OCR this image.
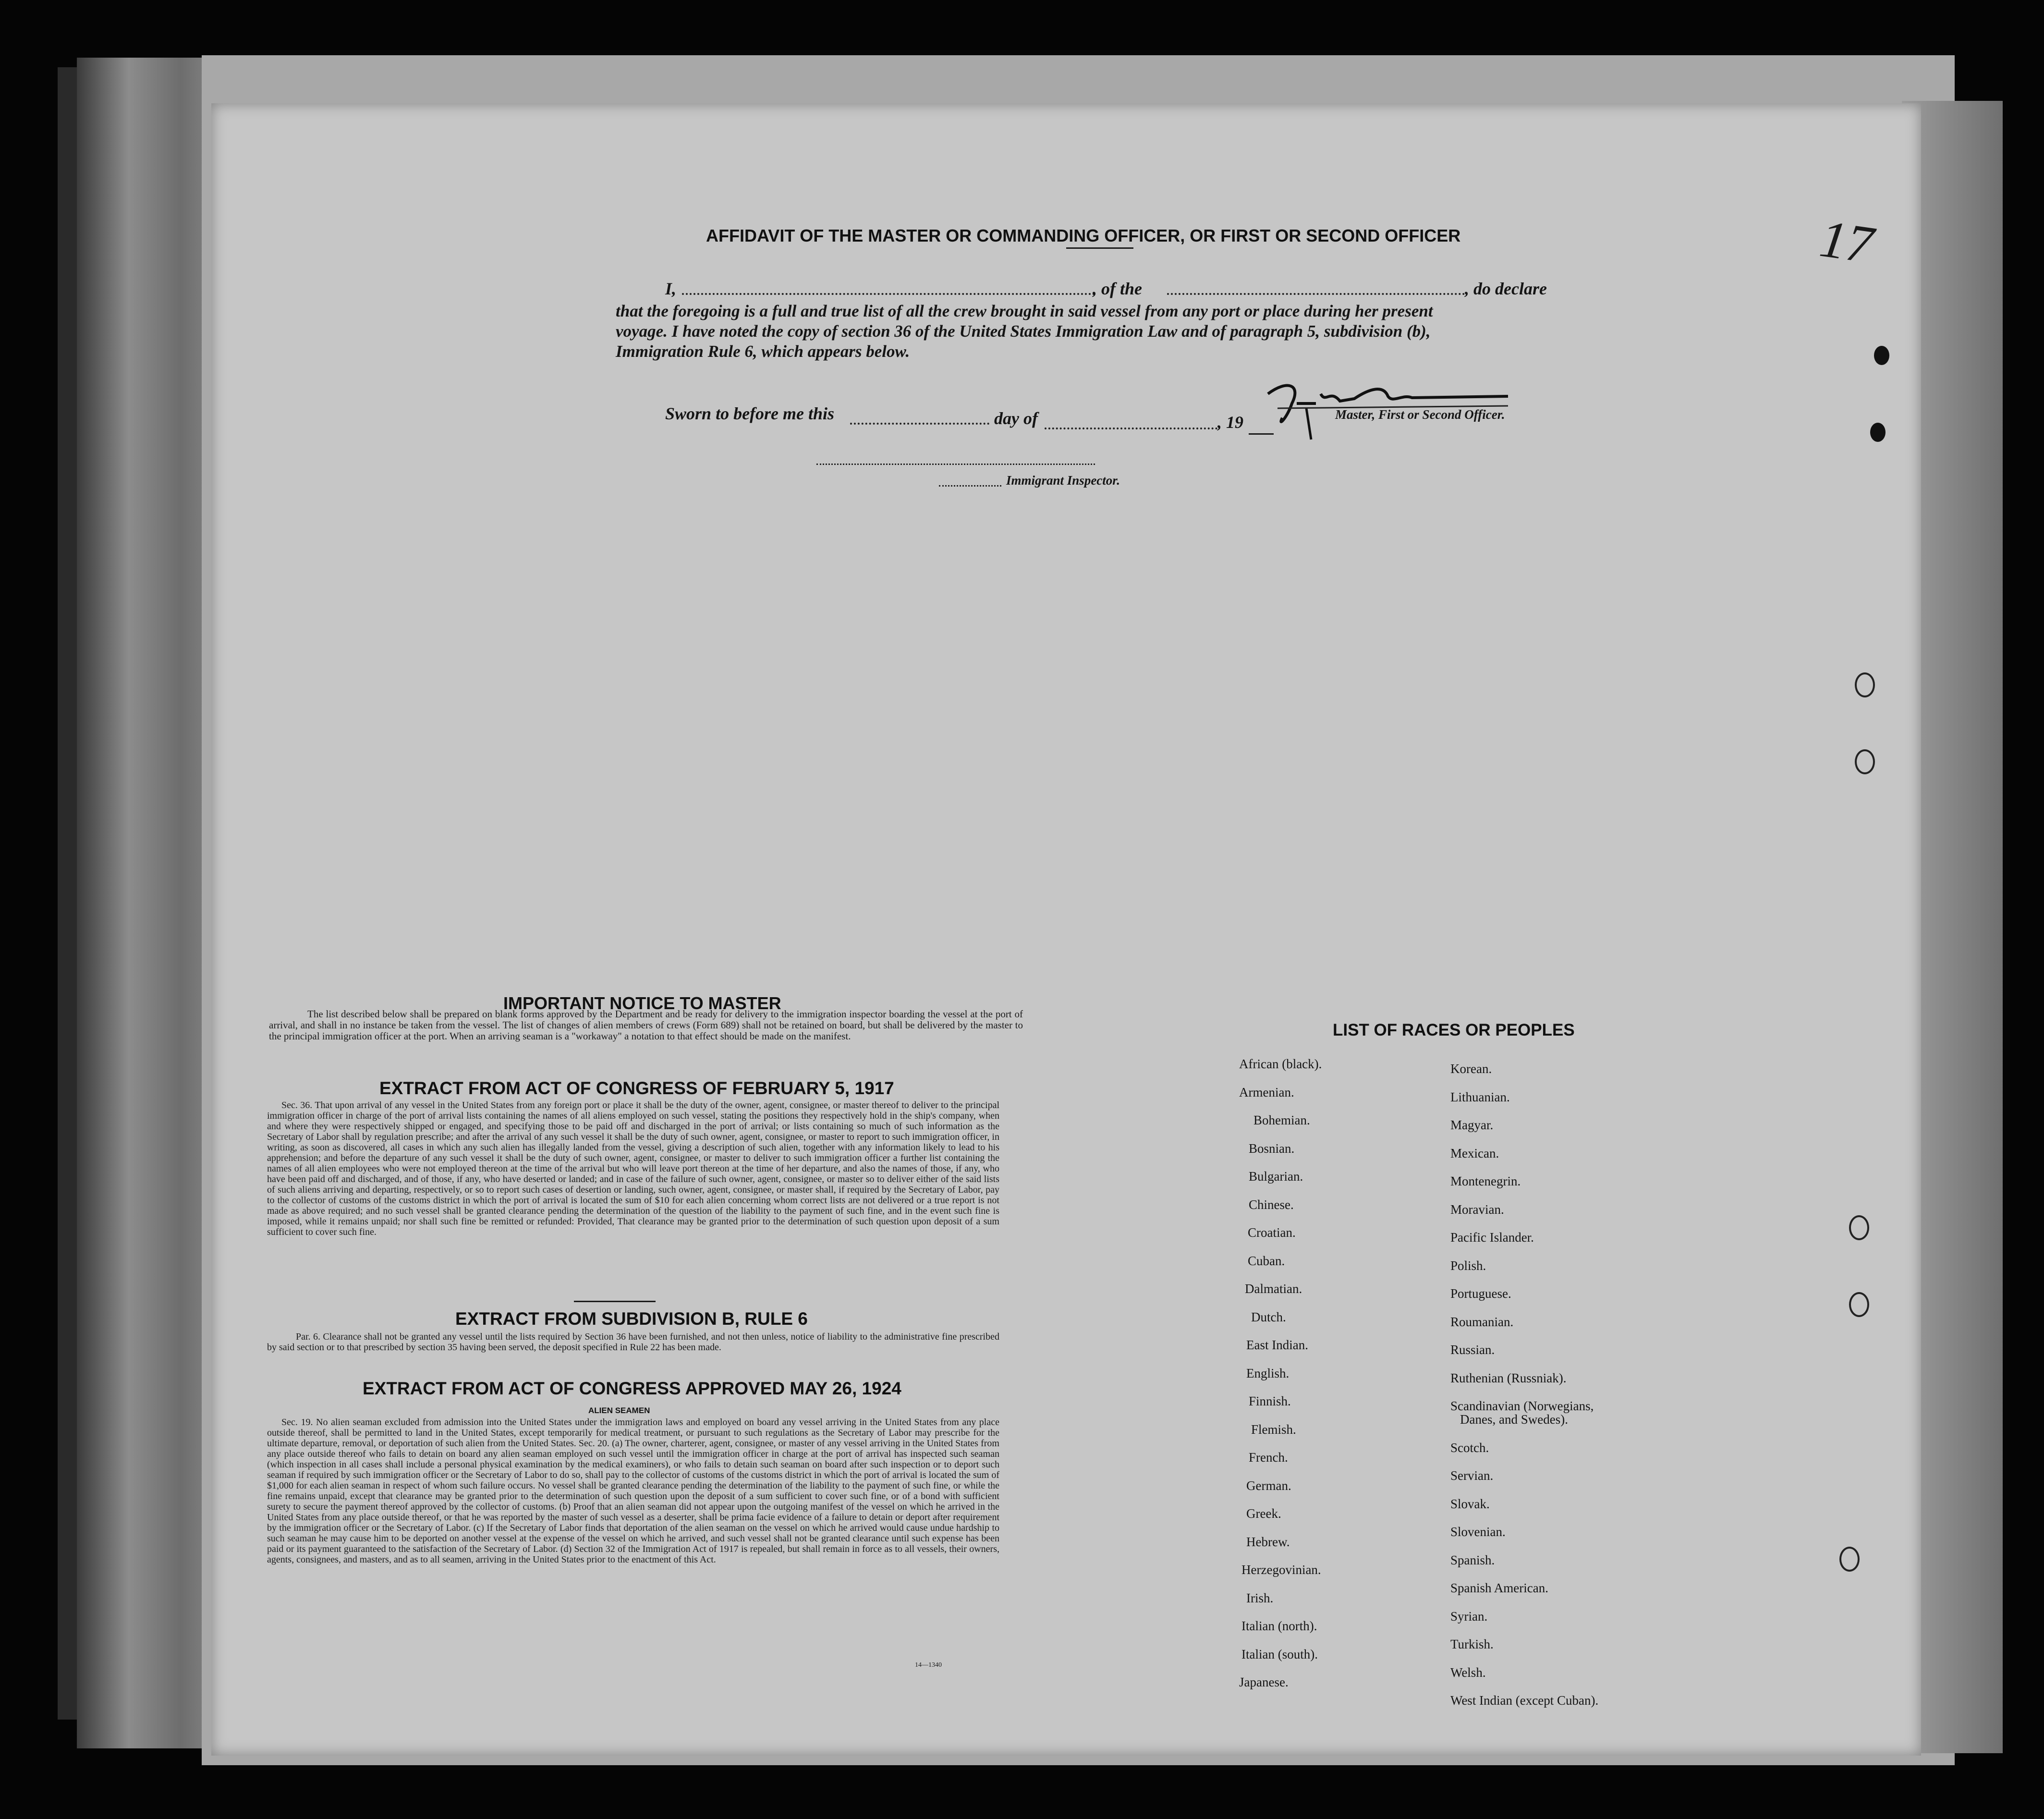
17
AFFIDAVIT OF THE MASTER OR COMMANDING OFFICER, OR FIRST OR SECOND OFFICER
I,	, of the	, do declare
that the foregoing is a full and true list of all the crew brought in said vessel from any port or place during her present
voyage. I have noted the copy of section 36 of the United States Immigration Law and of paragraph 5, subdivision (b),
Immigration Rule 6, which appears below.
Sworn to before me this	day of	, 19	Master, First or Second Officer.
Immigrant Inspector.
IMPORTANT NOTICE TO MASTER
The list described below shall be prepared on blank forms approved by the Department and be ready for delivery to the immigration inspector boarding the vessel at the port of arrival, and shall in no instance be taken from the vessel. The list of changes of alien members of crews (Form 689) shall not be retained on board, but shall be delivered by the master to the principal immigration officer at the port. When an arriving seaman is a "workaway" a notation to that effect should be made on the manifest.
EXTRACT FROM ACT OF CONGRESS OF FEBRUARY 5, 1917
Sec. 36. That upon arrival of any vessel in the United States from any foreign port or place it shall be the duty of the owner, agent, consignee, or master thereof to deliver to the principal immigration officer in charge of the port of arrival lists containing the names of all aliens employed on such vessel, stating the positions they respectively hold in the ship's company, when and where they were respectively shipped or engaged, and specifying those to be paid off and discharged in the port of arrival; or lists containing so much of such information as the Secretary of Labor shall by regulation prescribe; and after the arrival of any such vessel it shall be the duty of such owner, agent, consignee, or master to report to such immigration officer, in writing, as soon as discovered, all cases in which any such alien has illegally landed from the vessel, giving a description of such alien, together with any information likely to lead to his apprehension; and before the departure of any such vessel it shall be the duty of such owner, agent, consignee, or master to deliver to such immigration officer a further list containing the names of all alien employees who were not employed thereon at the time of the arrival but who will leave port thereon at the time of her departure, and also the names of those, if any, who have been paid off and discharged, and of those, if any, who have deserted or landed; and in case of the failure of such owner, agent, consignee, or master so to deliver either of the said lists of such aliens arriving and departing, respectively, or so to report such cases of desertion or landing, such owner, agent, consignee, or master shall, if required by the Secretary of Labor, pay to the collector of customs of the customs district in which the port of arrival is located the sum of $10 for each alien concerning whom correct lists are not delivered or a true report is not made as above required; and no such vessel shall be granted clearance pending the determination of the question of the liability to the payment of such fine, and in the event such fine is imposed, while it remains unpaid; nor shall such fine be remitted or refunded: Provided, That clearance may be granted prior to the determination of such question upon deposit of a sum sufficient to cover such fine.
EXTRACT FROM SUBDIVISION B, RULE 6
Par. 6. Clearance shall not be granted any vessel until the lists required by Section 36 have been furnished, and not then unless, notice of liability to the administrative fine prescribed by said section or to that prescribed by section 35 having been served, the deposit specified in Rule 22 has been made.
EXTRACT FROM ACT OF CONGRESS APPROVED MAY 26, 1924
ALIEN SEAMEN
Sec. 19. No alien seaman excluded from admission into the United States under the immigration laws and employed on board any vessel arriving in the United States from any place outside thereof, shall be permitted to land in the United States, except temporarily for medical treatment, or pursuant to such regulations as the Secretary of Labor may prescribe for the ultimate departure, removal, or deportation of such alien from the United States. Sec. 20. (a) The owner, charterer, agent, consignee, or master of any vessel arriving in the United States from any place outside thereof who fails to detain on board any alien seaman employed on such vessel until the immigration officer in charge at the port of arrival has inspected such seaman (which inspection in all cases shall include a personal physical examination by the medical examiners), or who fails to detain such seaman on board after such inspection or to deport such seaman if required by such immigration officer or the Secretary of Labor to do so, shall pay to the collector of customs of the customs district in which the port of arrival is located the sum of $1,000 for each alien seaman in respect of whom such failure occurs. No vessel shall be granted clearance pending the determination of the liability to the payment of such fine, or while the fine remains unpaid, except that clearance may be granted prior to the determination of such question upon the deposit of a sum sufficient to cover such fine, or of a bond with sufficient surety to secure the payment thereof approved by the collector of customs. (b) Proof that an alien seaman did not appear upon the outgoing manifest of the vessel on which he arrived in the United States from any place outside thereof, or that he was reported by the master of such vessel as a deserter, shall be prima facie evidence of a failure to detain or deport after requirement by the immigration officer or the Secretary of Labor. (c) If the Secretary of Labor finds that deportation of the alien seaman on the vessel on which he arrived would cause undue hardship to such seaman he may cause him to be deported on another vessel at the expense of the vessel on which he arrived, and such vessel shall not be granted clearance until such expense has been paid or its payment guaranteed to the satisfaction of the Secretary of Labor. (d) Section 32 of the Immigration Act of 1917 is repealed, but shall remain in force as to all vessels, their owners, agents, consignees, and masters, and as to all seamen, arriving in the United States prior to the enactment of this Act.
14—1340
LIST OF RACES OR PEOPLES
African (black).
Armenian.
Bohemian.
Bosnian.
Bulgarian.
Chinese.
Croatian.
Cuban.
Dalmatian.
Dutch.
East Indian.
English.
Finnish.
Flemish.
French.
German.
Greek.
Hebrew.
Herzegovinian.
Irish.
Italian (north).
Italian (south).
Japanese.
Korean.
Lithuanian.
Magyar.
Mexican.
Montenegrin.
Moravian.
Pacific Islander.
Polish.
Portuguese.
Roumanian.
Russian.
Ruthenian (Russniak).
Scandinavian (Norwegians,
Danes, and Swedes).
Scotch.
Servian.
Slovak.
Slovenian.
Spanish.
Spanish American.
Syrian.
Turkish.
Welsh.
West Indian (except Cuban).
